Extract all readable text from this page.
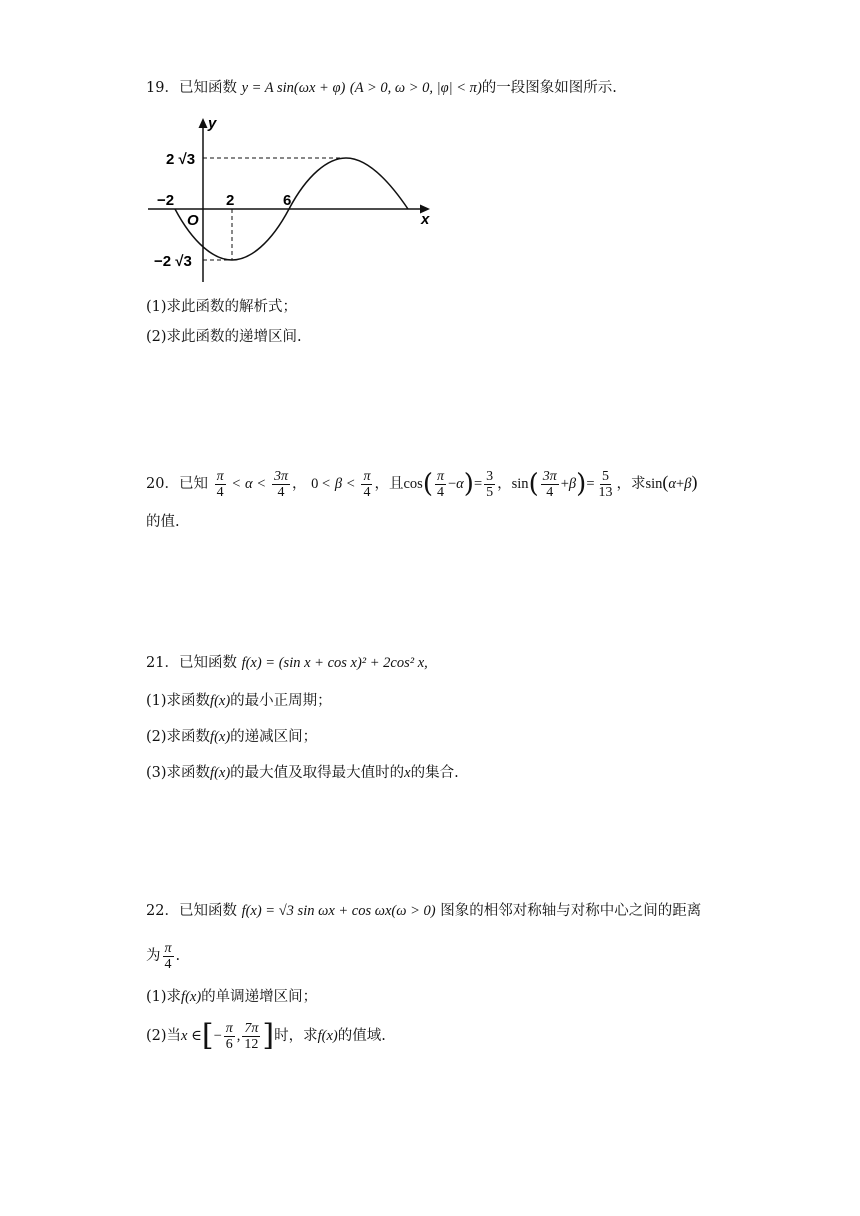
19．已知函数 y = A sin(ωx + φ) (A > 0, ω > 0, |φ| < π)的一段图象如图所示.
y
x
O
−2	2	6
2 √3
−2 √3
(1)求此函数的解析式；
(2)求此函数的递增区间.
20．已知 $\frac{\pi}{4} < \alpha < \frac{3\pi}{4}$ ， $0 < \beta < \frac{\pi}{4}$ ，且$\cos( \frac{\pi}{4} -\alpha)= \frac{3}{5}$ ，$\sin( \frac{3\pi}{4} +\beta)= \frac{5}{13}$ ，求sin(α+β)
的值.
21．已知函数 f(x) = (sin x + cos x)² + 2cos² x,
(1)求函数f(x)的最小正周期；
(2)求函数f(x)的递减区间；
(3)求函数f(x)的最大值及取得最大值时的x的集合.
22．已知函数 f(x) = √3 sin ωx + cos ωx(ω > 0) 图象的相邻对称轴与对称中心之间的距离
为 $\frac{\pi}{4}$ .
(1)求f(x)的单调递增区间；
(2)当x ∈[− $\frac{\pi}{6}$ , $\frac{7\pi}{12}$ ]时，求f(x)的值域.
